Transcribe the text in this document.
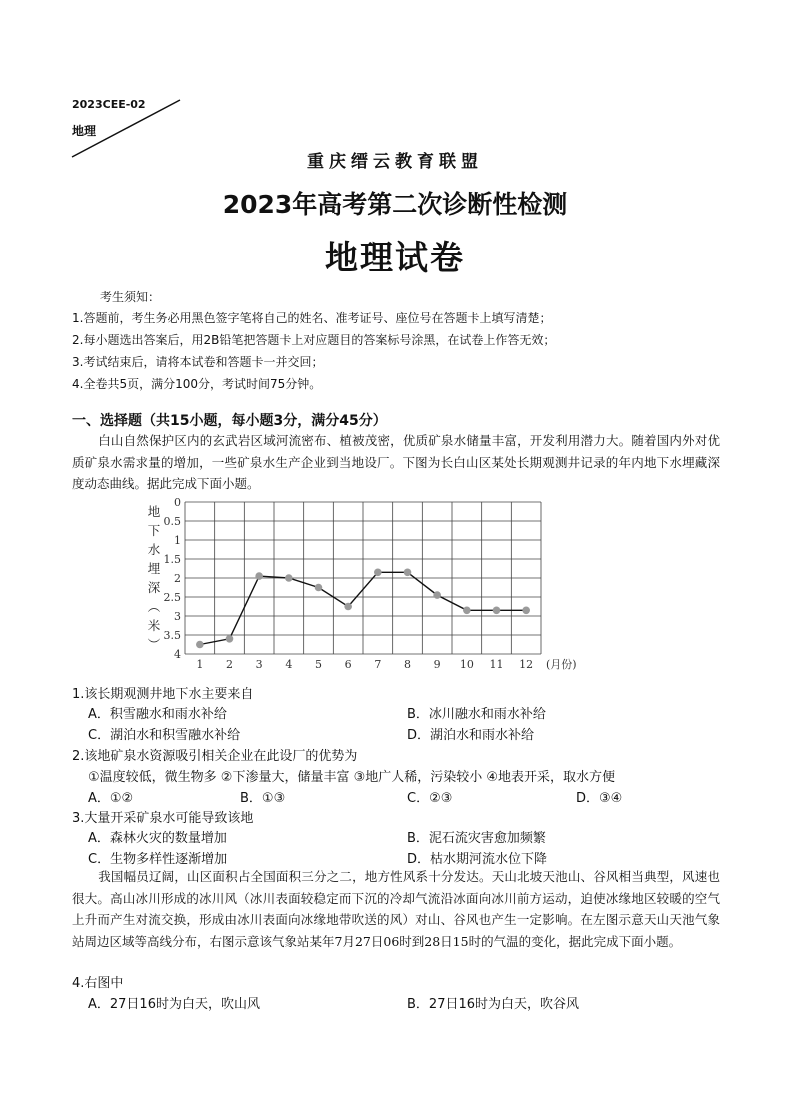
2023CEE-02
地理
重庆缙云教育联盟
2023年高考第二次诊断性检测
地理试卷
考生须知：
1.答题前，考生务必用黑色签字笔将自己的姓名、准考证号、座位号在答题卡上填写清楚；
2.每小题选出答案后，用2B铅笔把答题卡上对应题目的答案标号涂黑，在试卷上作答无效；
3.考试结束后，请将本试卷和答题卡一并交回；
4.全卷共5页，满分100分，考试时间75分钟。
一、选择题（共15小题，每小题3分，满分45分）
白山自然保护区内的玄武岩区域河流密布、植被茂密，优质矿泉水储量丰富，开发利用潜力大。随着国内外对优质矿泉水需求量的增加，一些矿泉水生产企业到当地设厂。下图为长白山区某处长期观测井记录的年内地下水埋藏深度动态曲线。据此完成下面小题。
0
0.5
1
1.5
2
2.5
3
3.5
4
1 2 3 4 5 6 7 8 9 10 11 12
地
下
水
埋
深
︵
米
︶
(月份)
1.该长期观测井地下水主要来自
A．积雪融水和雨水补给	B．冰川融水和雨水补给
C．湖泊水和积雪融水补给	D．湖泊水和雨水补给
2.该地矿泉水资源吸引相关企业在此设厂的优势为
①温度较低，微生物多 ②下渗量大，储量丰富 ③地广人稀，污染较小 ④地表开采，取水方便
A．①②	B．①③	C．②③	D．③④
3.大量开采矿泉水可能导致该地
A．森林火灾的数量增加	B．泥石流灾害愈加频繁
C．生物多样性逐渐增加	D．枯水期河流水位下降
我国幅员辽阔，山区面积占全国面积三分之二，地方性风系十分发达。天山北坡天池山、谷风相当典型，风速也很大。高山冰川形成的冰川风（冰川表面较稳定而下沉的冷却气流沿冰面向冰川前方运动，迫使冰缘地区较暖的空气上升而产生对流交换，形成由冰川表面向冰缘地带吹送的风）对山、谷风也产生一定影响。在左图示意天山天池气象站周边区域等高线分布，右图示意该气象站某年7月27日06时到28日15时的气温的变化，据此完成下面小题。
4.右图中
A．27日16时为白天，吹山风	B．27日16时为白天，吹谷风
